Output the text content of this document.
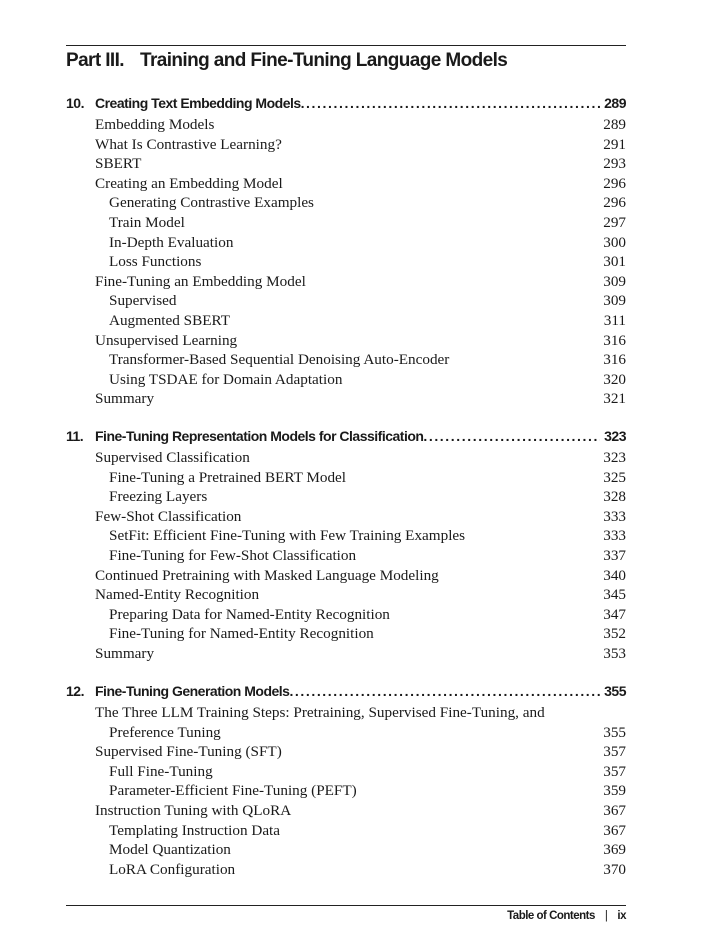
Part III. Training and Fine-Tuning Language Models
10. Creating Text Embedding Models. .....	289
Embedding Models	289
What Is Contrastive Learning?	291
SBERT	293
Creating an Embedding Model	296
Generating Contrastive Examples	296
Train Model	297
In-Depth Evaluation	300
Loss Functions	301
Fine-Tuning an Embedding Model	309
Supervised	309
Augmented SBERT	311
Unsupervised Learning	316
Transformer-Based Sequential Denoising Auto-Encoder	316
Using TSDAE for Domain Adaptation	320
Summary	321
11. Fine-Tuning Representation Models for Classification. .....	323
Supervised Classification	323
Fine-Tuning a Pretrained BERT Model	325
Freezing Layers	328
Few-Shot Classification	333
SetFit: Efficient Fine-Tuning with Few Training Examples	333
Fine-Tuning for Few-Shot Classification	337
Continued Pretraining with Masked Language Modeling	340
Named-Entity Recognition	345
Preparing Data for Named-Entity Recognition	347
Fine-Tuning for Named-Entity Recognition	352
Summary	353
12. Fine-Tuning Generation Models. .....	355
The Three LLM Training Steps: Pretraining, Supervised Fine-Tuning, and
Preference Tuning	355
Supervised Fine-Tuning (SFT)	357
Full Fine-Tuning	357
Parameter-Efficient Fine-Tuning (PEFT)	359
Instruction Tuning with QLoRA	367
Templating Instruction Data	367
Model Quantization	369
LoRA Configuration	370
Table of Contents | ix
